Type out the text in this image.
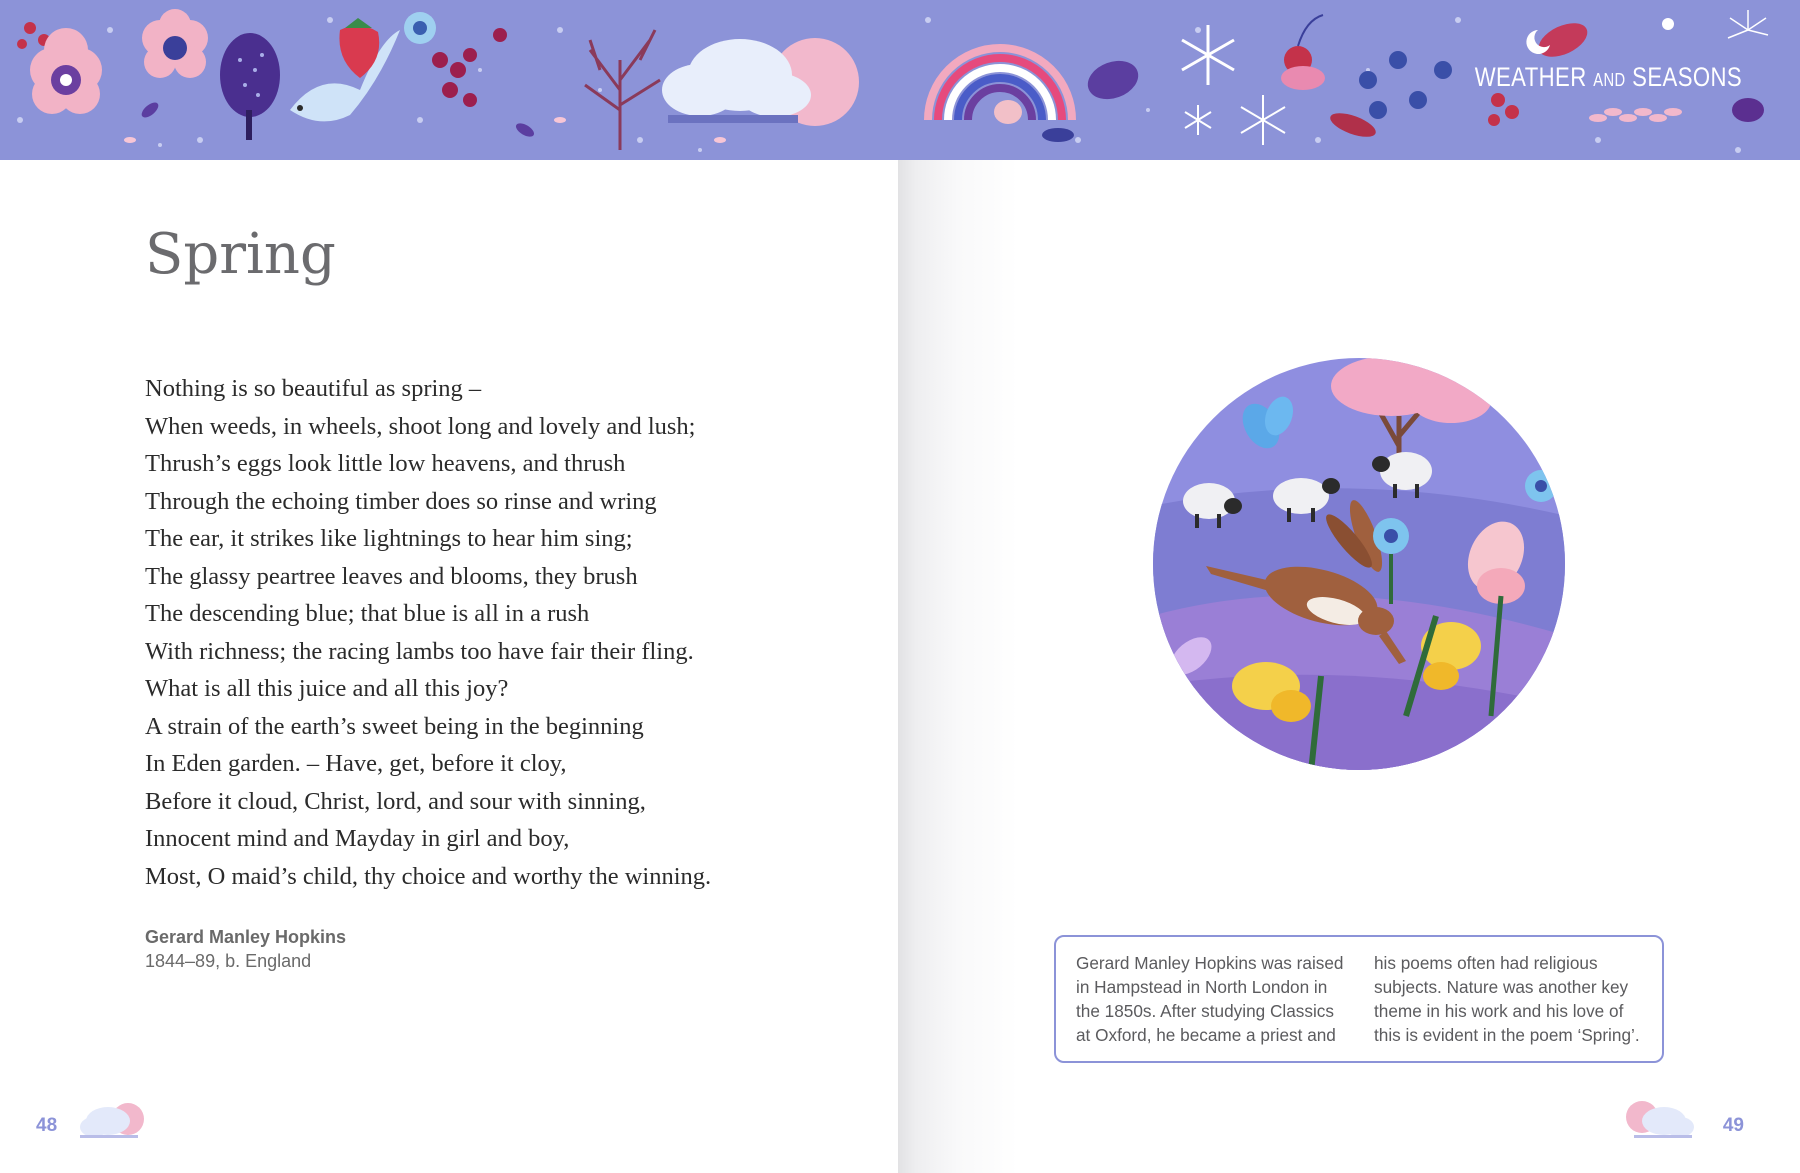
Spring
Nothing is so beautiful as spring –
When weeds, in wheels, shoot long and lovely and lush;
Thrush’s eggs look little low heavens, and thrush
Through the echoing timber does so rinse and wring
The ear, it strikes like lightnings to hear him sing;
The glassy peartree leaves and blooms, they brush
The descending blue; that blue is all in a rush
With richness; the racing lambs too have fair their fling.
What is all this juice and all this joy?
A strain of the earth’s sweet being in the beginning
In Eden garden. – Have, get, before it cloy,
Before it cloud, Christ, lord, and sour with sinning,
Innocent mind and Mayday in girl and boy,
Most, O maid’s child, thy choice and worthy the winning.
Gerard Manley Hopkins
1844–89, b. England
48
WEATHER AND SEASONS
Gerard Manley Hopkins was raised in Hampstead in North London in the 1850s. After studying Classics at Oxford, he became a priest and
his poems often had religious subjects. Nature was another key theme in his work and his love of this is evident in the poem ‘Spring’.
49
